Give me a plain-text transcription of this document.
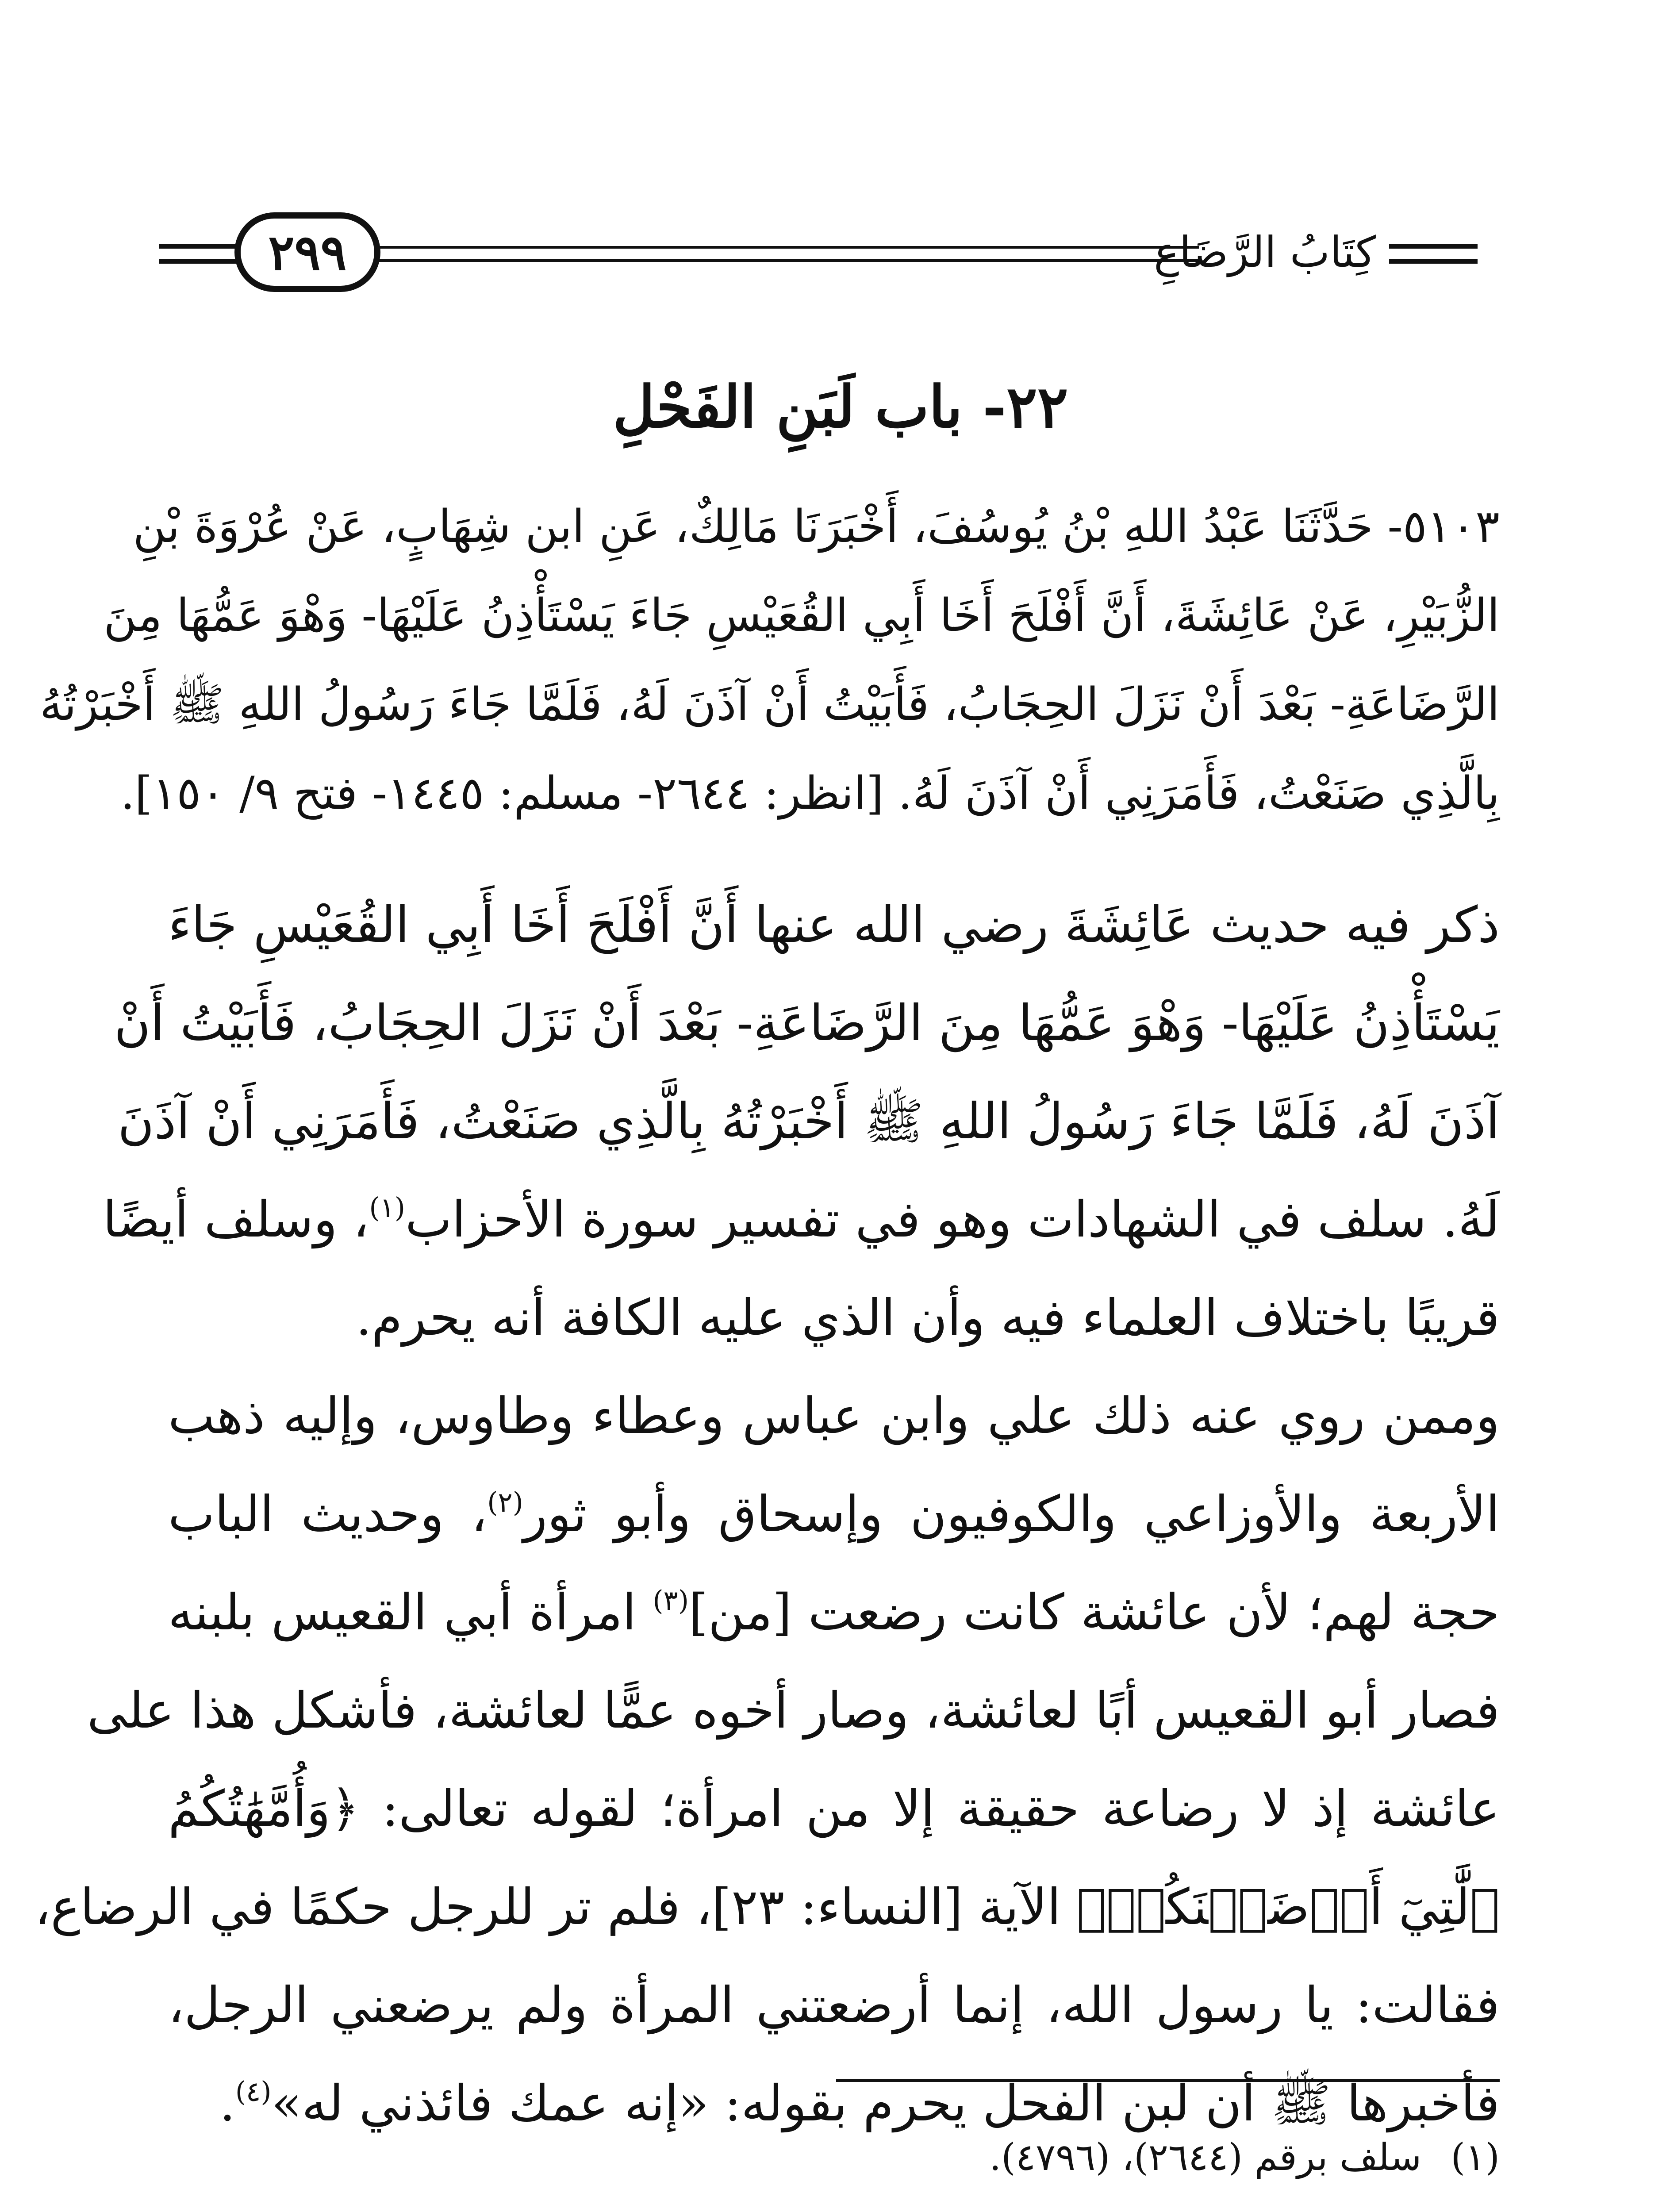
٢٩٩	كِتَابُ الرَّضَاعِ
٢٢- باب لَبَنِ الفَحْلِ
٥١٠٣- حَدَّثَنَا عَبْدُ اللهِ بْنُ يُوسُفَ، أَخْبَرَنَا مَالِكٌ، عَنِ ابن شِهَابٍ، عَنْ عُرْوَةَ بْنِ
الزُّبَيْرِ، عَنْ عَائِشَةَ، أَنَّ أَفْلَحَ أَخَا أَبِي القُعَيْسِ جَاءَ يَسْتَأْذِنُ عَلَيْهَا- وَهْوَ عَمُّهَا مِنَ
الرَّضَاعَةِ- بَعْدَ أَنْ نَزَلَ الحِجَابُ، فَأَبَيْتُ أَنْ آذَنَ لَهُ، فَلَمَّا جَاءَ رَسُولُ اللهِ ﷺ أَخْبَرْتُهُ
بِالَّذِي صَنَعْتُ، فَأَمَرَنِي أَنْ آذَنَ لَهُ. [انظر: ٢٦٤٤- مسلم: ١٤٤٥- فتح ٩/ ١٥٠].
ذكر فيه حديث عَائِشَةَ رضي الله عنها أَنَّ أَفْلَحَ أَخَا أَبِي القُعَيْسِ جَاءَ
يَسْتَأْذِنُ عَلَيْهَا- وَهْوَ عَمُّهَا مِنَ الرَّضَاعَةِ- بَعْدَ أَنْ نَزَلَ الحِجَابُ، فَأَبَيْتُ أَنْ
آذَنَ لَهُ، فَلَمَّا جَاءَ رَسُولُ اللهِ ﷺ أَخْبَرْتُهُ بِالَّذِي صَنَعْتُ، فَأَمَرَنِي أَنْ آذَنَ
لَهُ. سلف في الشهادات وهو في تفسير سورة الأحزاب$^{(١)}$، وسلف أيضًا
قريبًا باختلاف العلماء فيه وأن الذي عليه الكافة أنه يحرم.
وممن روي عنه ذلك علي وابن عباس وعطاء وطاوس، وإليه ذهب
الأربعة والأوزاعي والكوفيون وإسحاق وأبو ثور$^{(٢)}$، وحديث الباب
حجة لهم؛ لأن عائشة كانت رضعت [من]$^{(٣)}$ امرأة أبي القعيس بلبنه
فصار أبو القعيس أبًا لعائشة، وصار أخوه عمًّا لعائشة، فأشكل هذا على
عائشة إذ لا رضاعة حقيقة إلا من امرأة؛ لقوله تعالى: ﴿وَأُمَّهَٰتُكُمُ
ٱلَّٰتِيٓ أَرۡضَعۡنَكُمۡ﴾ الآية [النساء: ٢٣]، فلم تر للرجل حكمًا في الرضاع،
فقالت: يا رسول الله، إنما أرضعتني المرأة ولم يرضعني الرجل،
فأخبرها ﷺ أن لبن الفحل يحرم بقوله: «إنه عمك فائذني له»$^{(٤)}$.
(١) سلف برقم (٢٦٤٤)، (٤٧٩٦).
